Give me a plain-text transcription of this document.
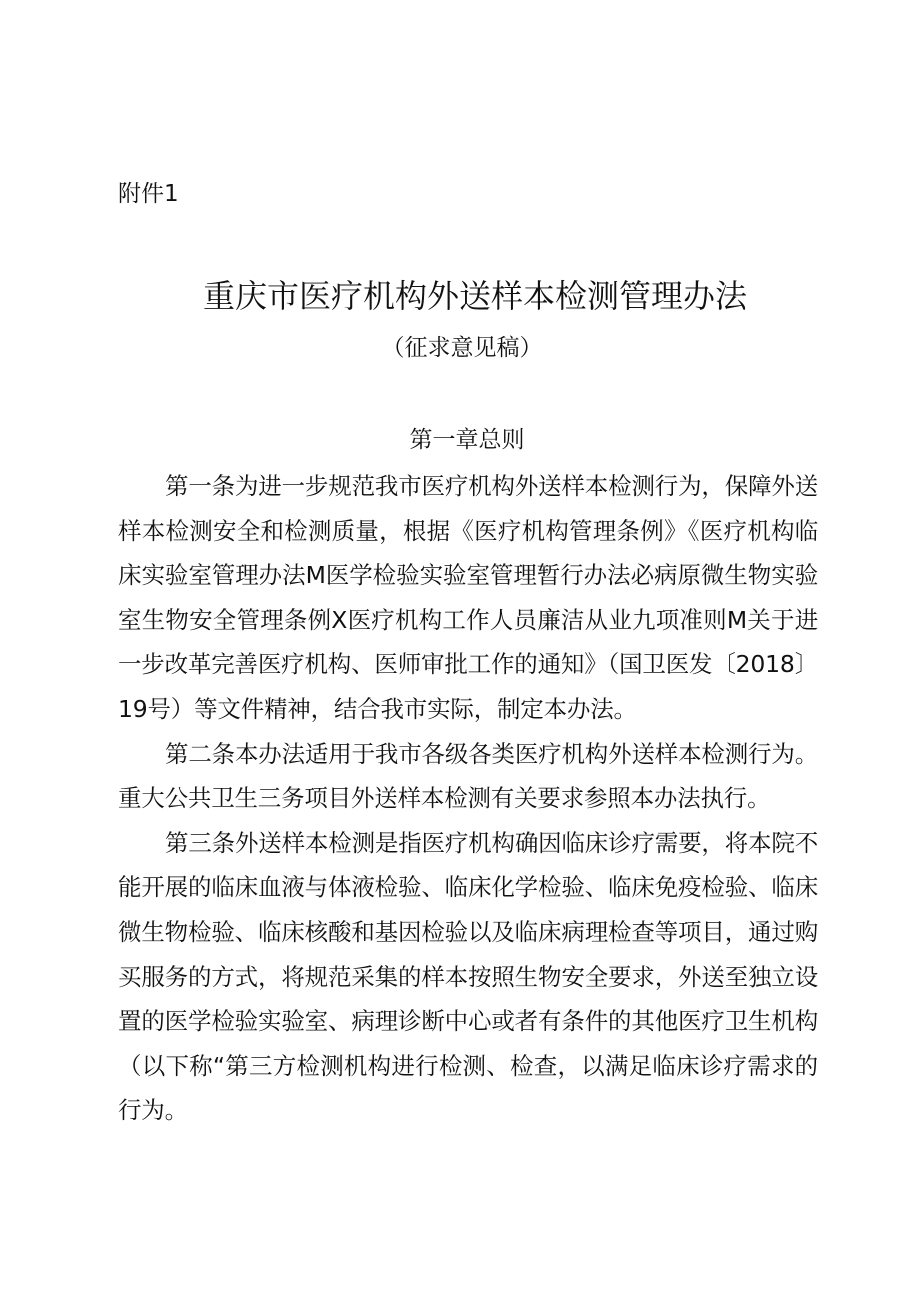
附件1
重庆市医疗机构外送样本检测管理办法
（征求意见稿）
第一章总则

第一条为进一步规范我市医疗机构外送样本检测行为，保障外送样本检测安全和检测质量，根据《医疗机构管理条例》《医疗机构临床实验室管理办法M医学检验实验室管理暂行办法必病原微生物实验室生物安全管理条例X医疗机构工作人员廉洁从业九项准则M关于进一步改革完善医疗机构、医师审批工作的通知》（国卫医发〔2018〕19号）等文件精神，结合我市实际，制定本办法。

第二条本办法适用于我市各级各类医疗机构外送样本检测行为。重大公共卫生三务项目外送样本检测有关要求参照本办法执行。

第三条外送样本检测是指医疗机构确因临床诊疗需要，将本院不能开展的临床血液与体液检验、临床化学检验、临床免疫检验、临床微生物检验、临床核酸和基因检验以及临床病理检查等项目，通过购买服务的方式，将规范采集的样本按照生物安全要求，外送至独立设置的医学检验实验室、病理诊断中心或者有条件的其他医疗卫生机构（以下称“第三方检测机构进行检测、检查，以满足临床诊疗需求的行为。
